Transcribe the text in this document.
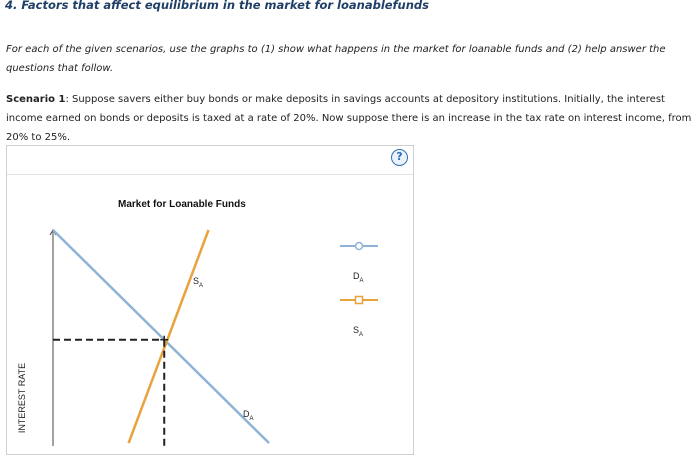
4. Factors that affect equilibrium in the market for loanablefunds

For each of the given scenarios, use the graphs to (1) show what happens in the market for loanable funds and (2) help answer the questions that follow.

Scenario 1: Suppose savers either buy bonds or make deposits in savings accounts at depository institutions. Initially, the interest income earned on bonds or deposits is taxed at a rate of 20%. Now suppose there is an increase in the tax rate on interest income, from 20% to 25%.

?
Market for Loanable Funds
INTEREST RATE
$S_A$
$D_A$
$D_A$
$S_A$
